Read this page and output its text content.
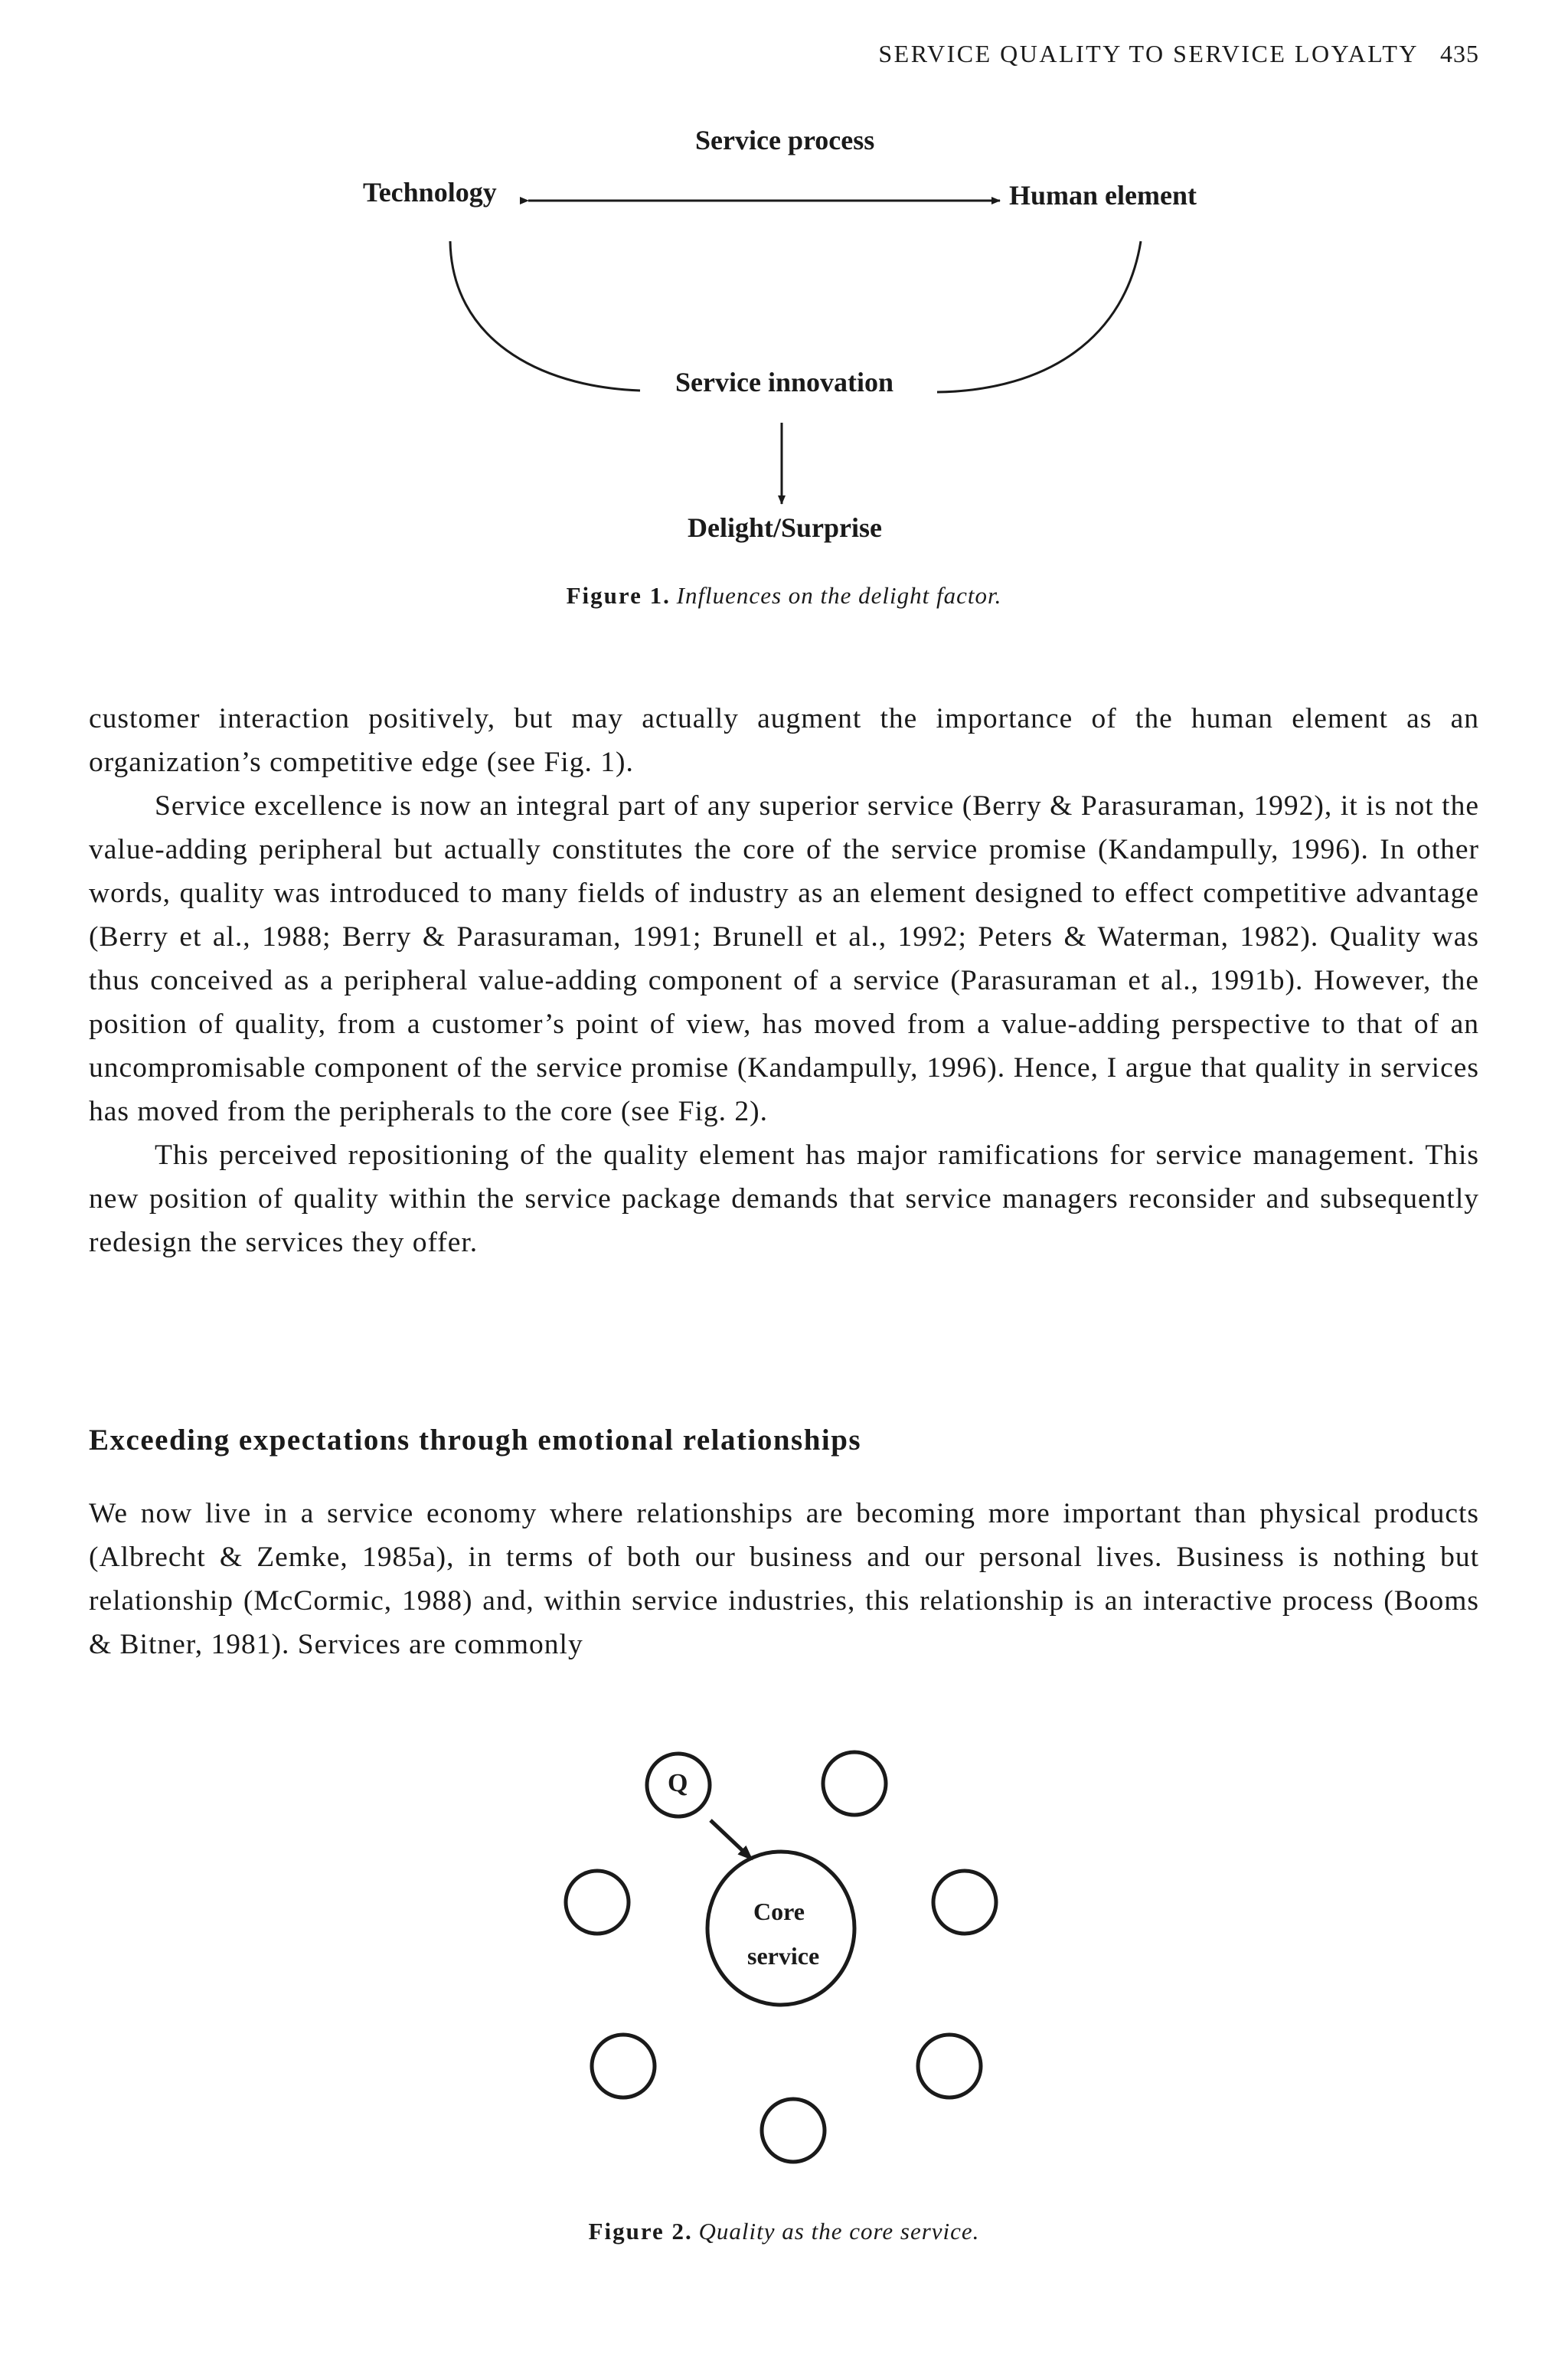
SERVICE QUALITY TO SERVICE LOYALTY 435
Service process
Technology	Human element
Service innovation
Delight/Surprise
Figure 1. Influences on the delight factor.

customer interaction positively, but may actually augment the importance of the human element as an organization’s competitive edge (see Fig. 1).

Service excellence is now an integral part of any superior service (Berry & Parasuraman, 1992), it is not the value-adding peripheral but actually constitutes the core of the service promise (Kandampully, 1996). In other words, quality was introduced to many fields of industry as an element designed to effect competitive advantage (Berry et al., 1988; Berry & Parasuraman, 1991; Brunell et al., 1992; Peters & Waterman, 1982). Quality was thus conceived as a peripheral value-adding component of a service (Parasuraman et al., 1991b). However, the position of quality, from a customer’s point of view, has moved from a value-adding perspective to that of an uncompromisable component of the service promise (Kandampully, 1996). Hence, I argue that quality in services has moved from the peripherals to the core (see Fig. 2).

This perceived repositioning of the quality element has major ramifications for service management. This new position of quality within the service package demands that service managers reconsider and subsequently redesign the services they offer.

Exceeding expectations through emotional relationships

We now live in a service economy where relationships are becoming more important than physical products (Albrecht & Zemke, 1985a), in terms of both our business and our personal lives. Business is nothing but relationship (McCormic, 1988) and, within service industries, this relationship is an interactive process (Booms & Bitner, 1981). Services are commonly

Q
Core
service
Figure 2. Quality as the core service.
